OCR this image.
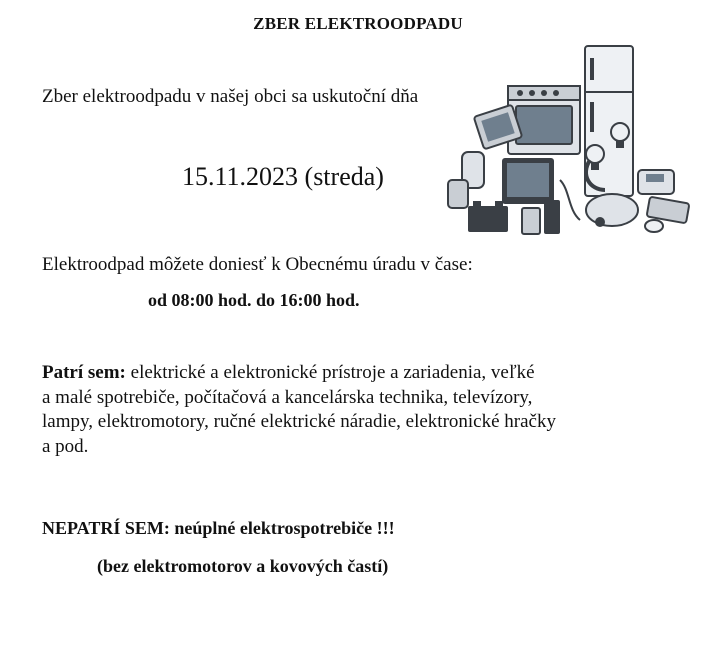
ZBER ELEKTROODPADU
Zber elektroodpadu v našej obci sa uskutoční dňa
15.11.2023 (streda)
Elektroodpad môžete doniesť k Obecnému úradu v čase:
od 08:00 hod. do 16:00 hod.
Patrí sem: elektrické a elektronické prístroje a zariadenia, veľké
a malé spotrebiče, počítačová a kancelárska technika, televízory,
lampy, elektromotory, ručné elektrické náradie, elektronické hračky
a pod.
NEPATRÍ SEM: neúplné elektrospotrebiče !!!
(bez elektromotorov a kovových častí)
